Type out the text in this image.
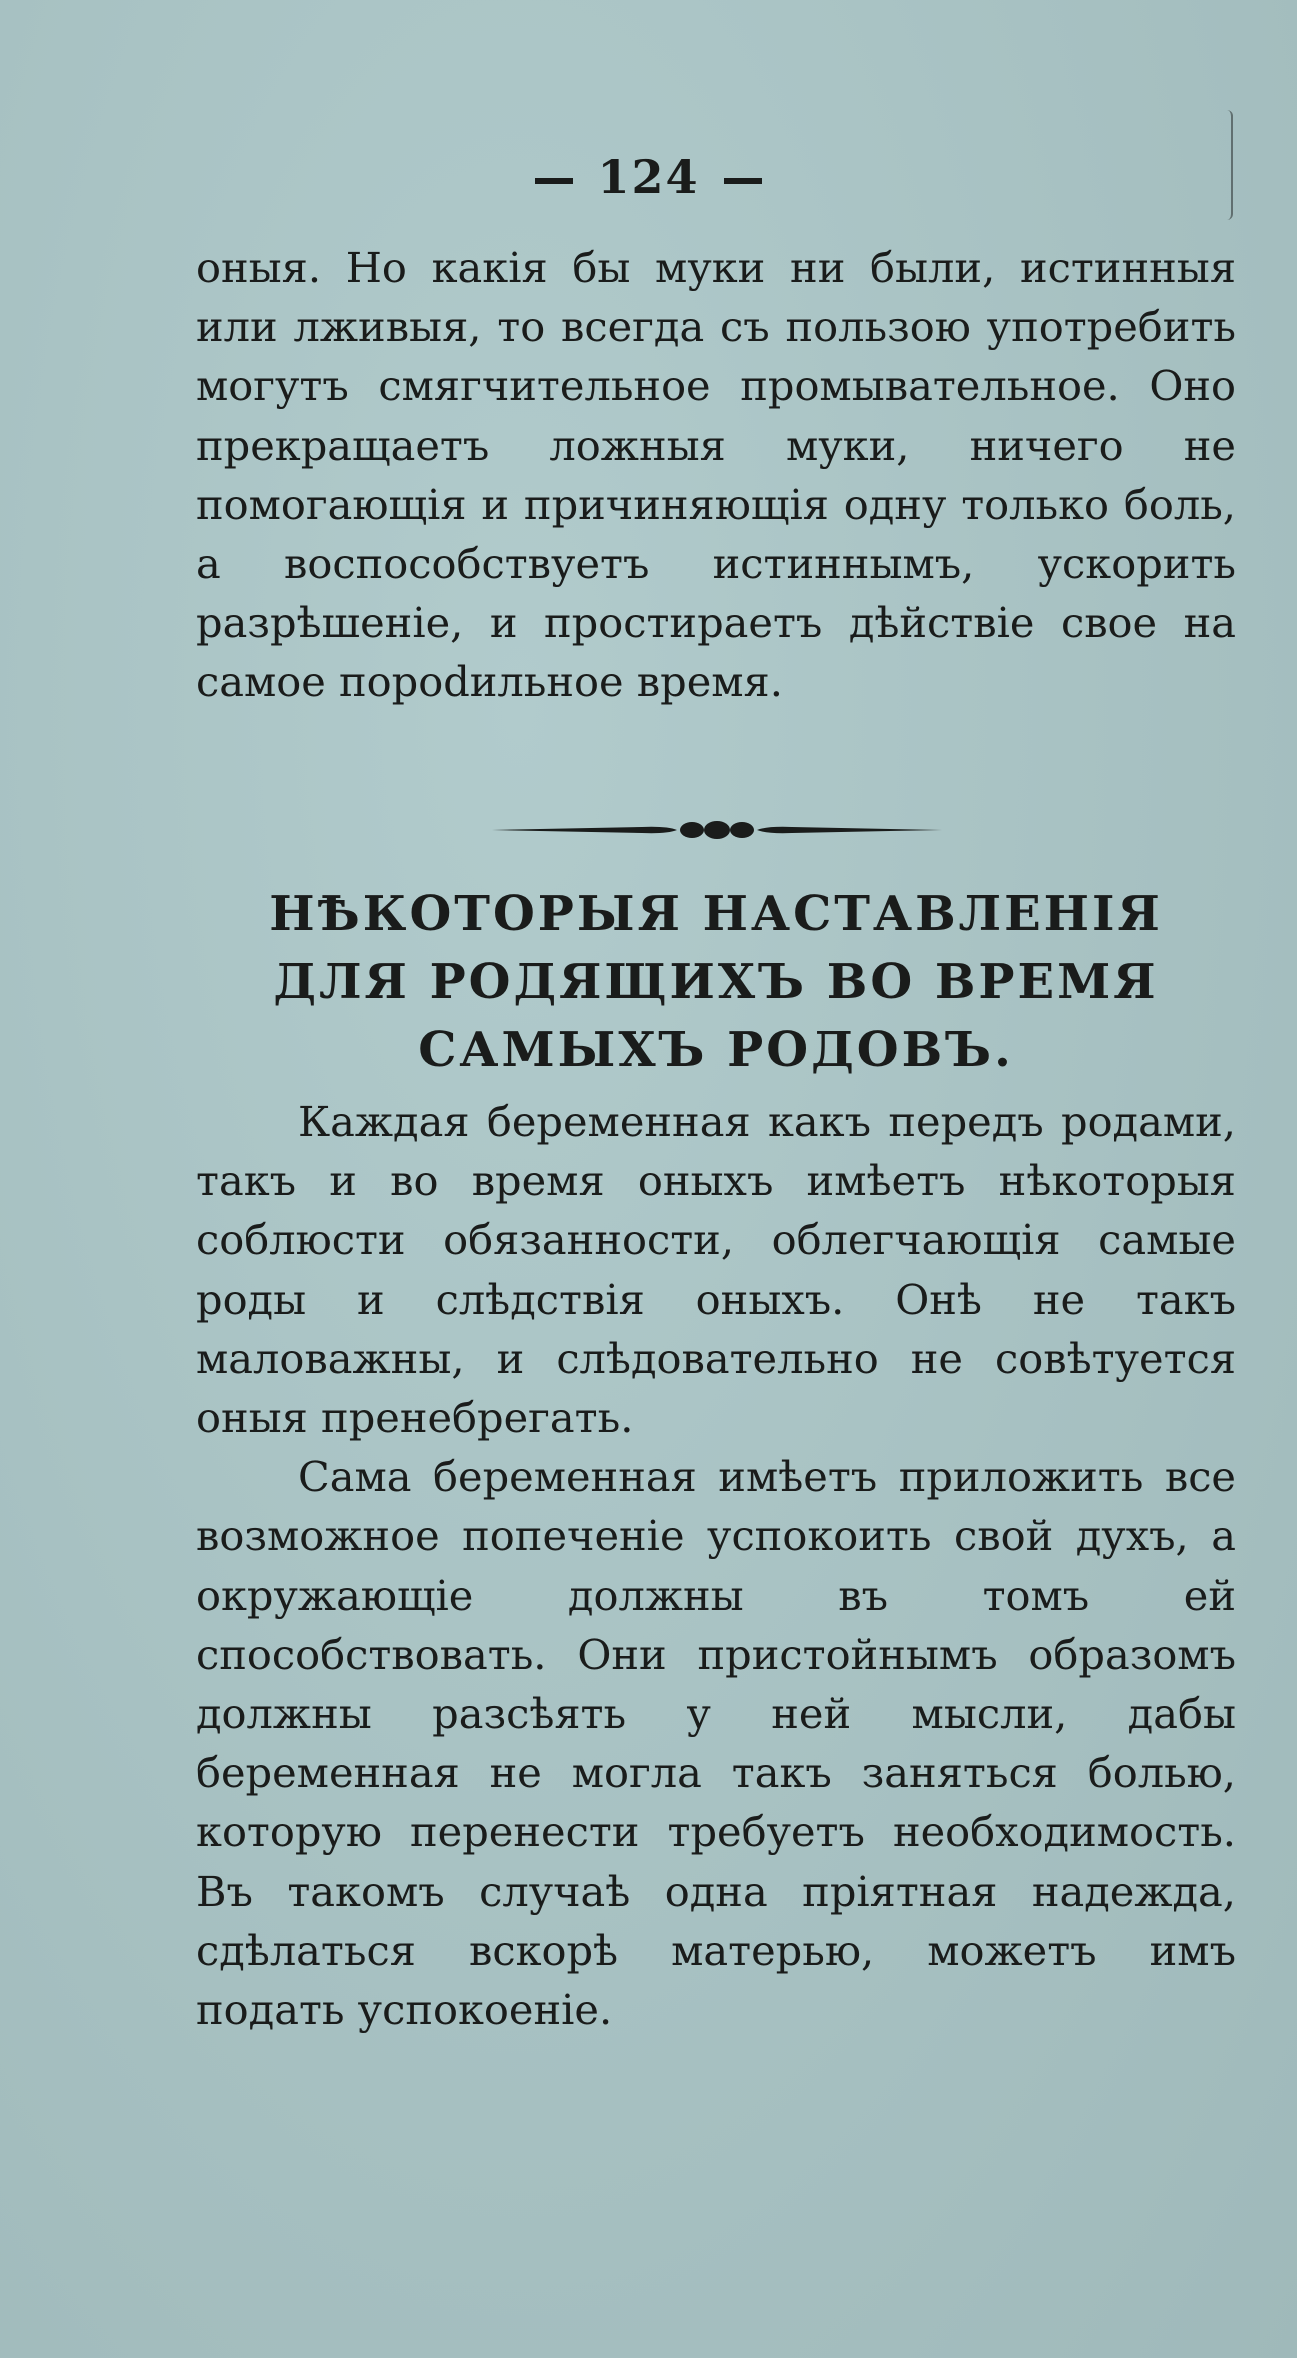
124

оныя. Но какія бы муки ни были, истинныя или лживыя, то всегда съ пользою употребить могутъ смягчительное промывательное. Оно прекращаетъ ложныя муки, ничего не помогающія и причиняющія одну только боль, а воспособствуетъ истиннымъ, ускорить разрѣшеніе, и простираетъ дѣйствіе свое на самое порodильное время.

НѢКОТОРЫЯ НАСТАВЛЕНІЯ ДЛЯ РОДЯЩИХЪ ВО ВРЕМЯ САМЫХЪ РОДОВЪ.

Каждая беременная какъ передъ родами, такъ и во время оныхъ имѣетъ нѣкоторыя соблюсти обязанности, облегчающія самые роды и слѣдствія оныхъ. Онѣ не такъ маловажны, и слѣдовательно не совѣтуется оныя пренебрегать.

Сама беременная имѣетъ приложить все возможное попеченіе успокоить свой духъ, а окружающіе должны въ томъ ей способствовать. Они пристойнымъ образомъ должны разсѣять у ней мысли, дабы беременная не могла такъ заняться болью, которую перенести требуетъ необходимость. Въ такомъ случаѣ одна пріятная надежда, сдѣлаться вскорѣ матерью, можетъ имъ подать успокоеніе.
